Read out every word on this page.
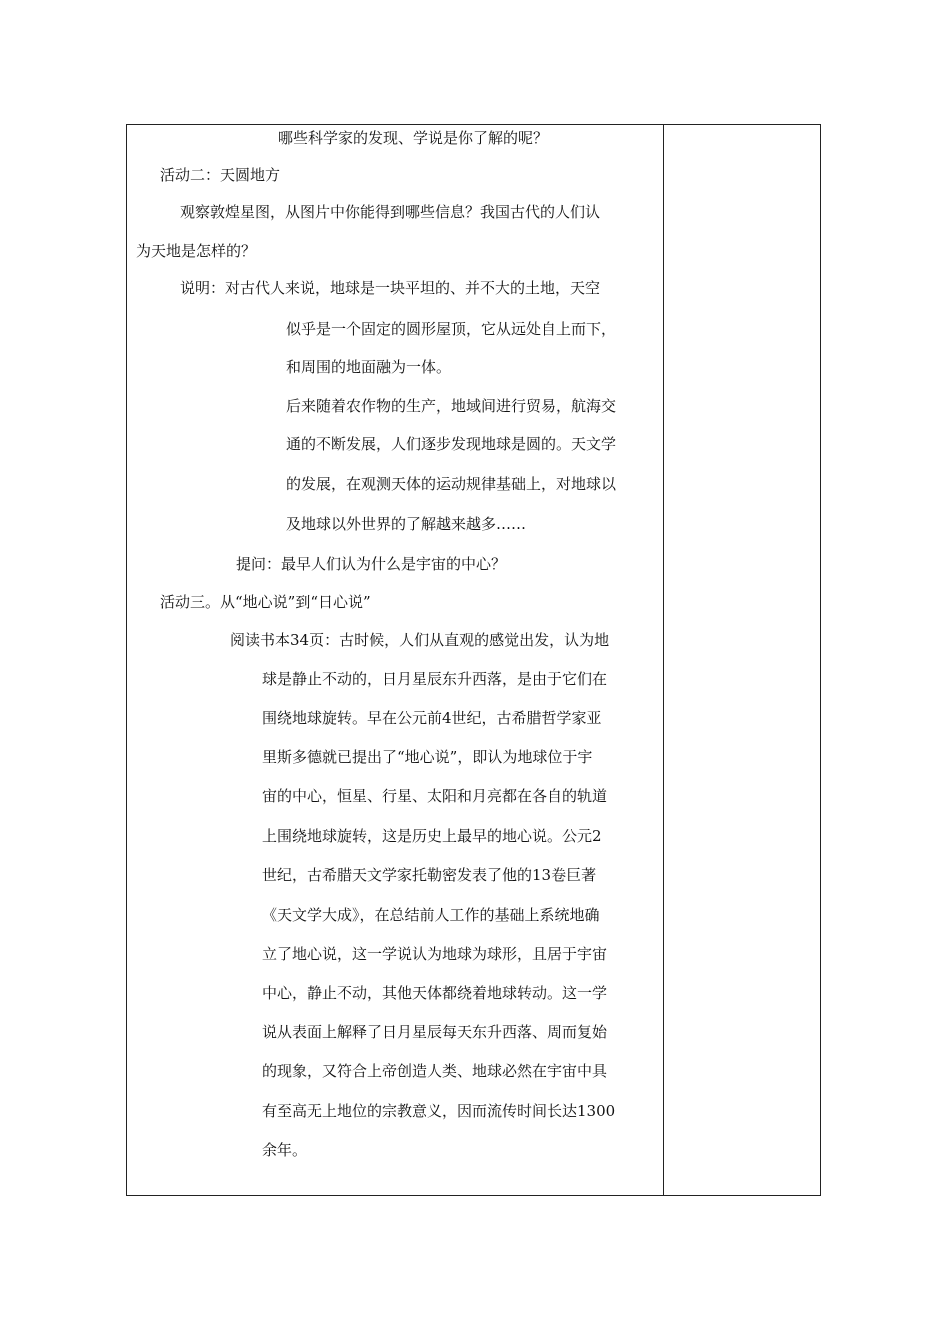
哪些科学家的发现、学说是你了解的呢？
活动二：天圆地方
观察敦煌星图，从图片中你能得到哪些信息？我国古代的人们认
为天地是怎样的？
说明：对古代人来说，地球是一块平坦的、并不大的土地，天空
似乎是一个固定的圆形屋顶，它从远处自上而下，
和周围的地面融为一体。
后来随着农作物的生产，地域间进行贸易，航海交
通的不断发展，人们逐步发现地球是圆的。天文学
的发展，在观测天体的运动规律基础上，对地球以
及地球以外世界的了解越来越多……
提问：最早人们认为什么是宇宙的中心？
活动三。从“地心说”到“日心说”
阅读书本34页：古时候，人们从直观的感觉出发，认为地
球是静止不动的，日月星辰东升西落，是由于它们在
围绕地球旋转。早在公元前4世纪，古希腊哲学家亚
里斯多德就已提出了“地心说”，即认为地球位于宇
宙的中心，恒星、行星、太阳和月亮都在各自的轨道
上围绕地球旋转，这是历史上最早的地心说。公元2
世纪，古希腊天文学家托勒密发表了他的13卷巨著
《天文学大成》，在总结前人工作的基础上系统地确
立了地心说，这一学说认为地球为球形，且居于宇宙
中心，静止不动，其他天体都绕着地球转动。这一学
说从表面上解释了日月星辰每天东升西落、周而复始
的现象，又符合上帝创造人类、地球必然在宇宙中具
有至高无上地位的宗教意义，因而流传时间长达1300
余年。
